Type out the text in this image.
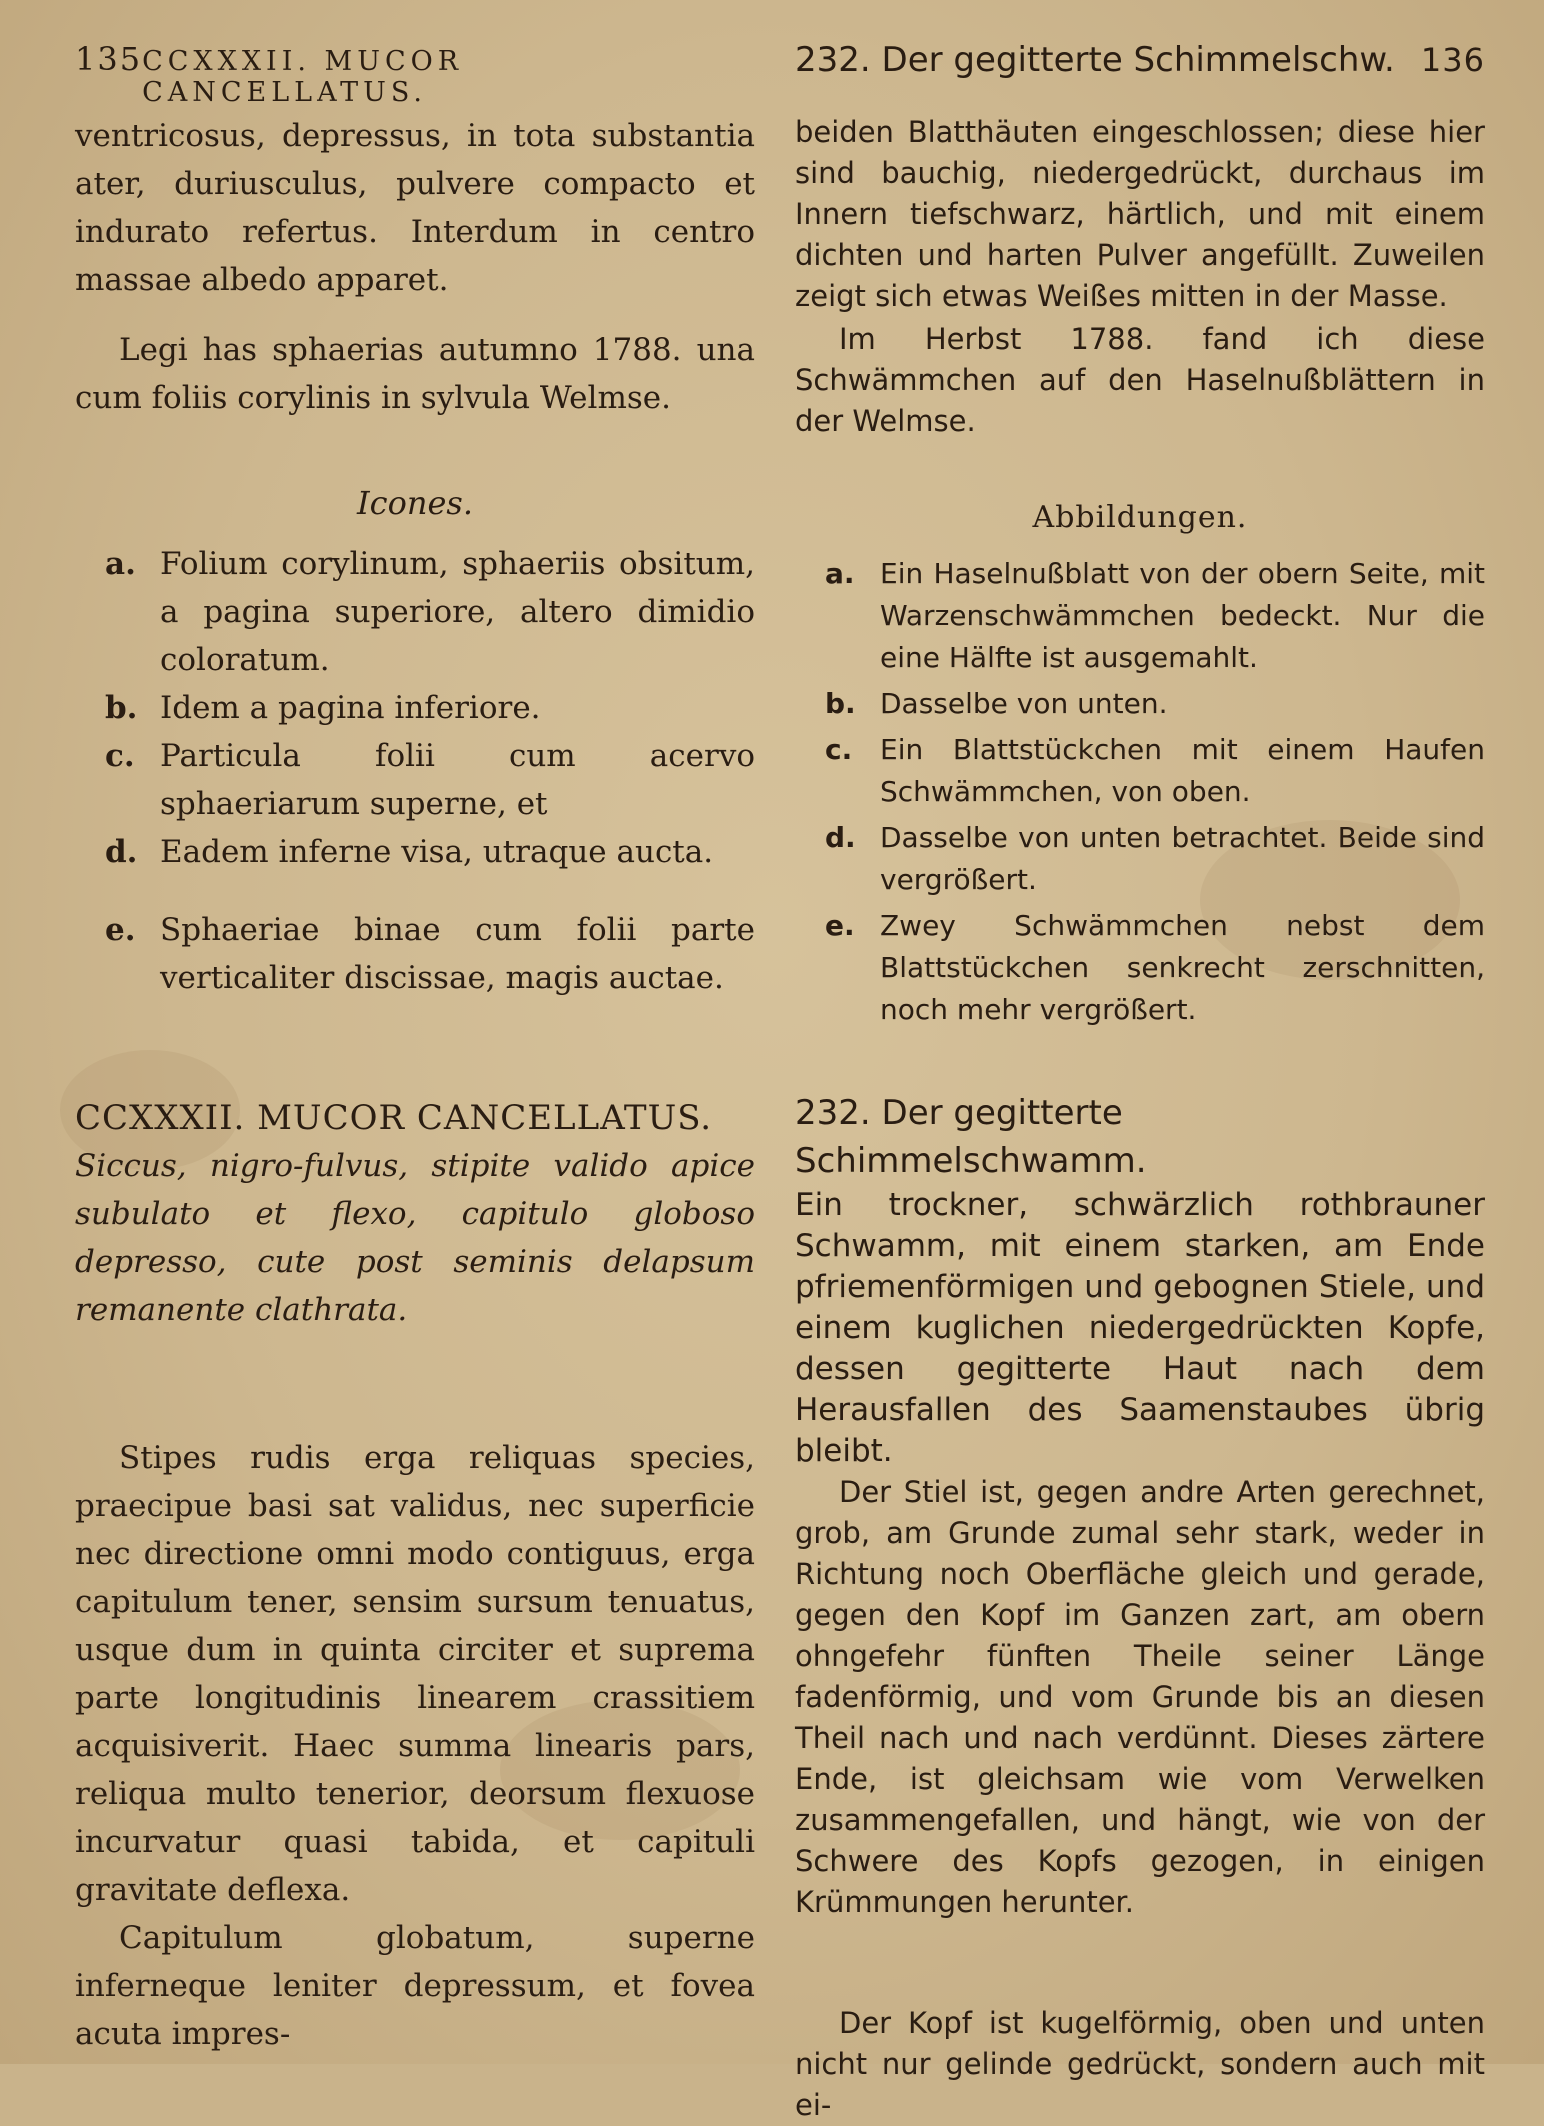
135 CCXXXII. MUCOR CANCELLATUS.

ventricosus, depressus, in tota substantia ater, duriusculus, pulvere compacto et indurato refertus. Interdum in centro massae albedo apparet.

Legi has sphaerias autumno 1788. una cum foliis corylinis in sylvula Welmse.

Icones.
a. Folium corylinum, sphaeriis obsitum, a pagina superiore, altero dimidio coloratum.
b. Idem a pagina inferiore.
c. Particula folii cum acervo sphaeriarum superne, et
d. Eadem inferne visa, utraque aucta.
e. Sphaeriae binae cum folii parte verticaliter discissae, magis auctae.
CCXXXII. MUCOR CANCELLATUS.
Siccus, nigro-fulvus, stipite valido apice subulato et flexo, capitulo globoso depresso, cute post seminis delapsum remanente clathrata.

Stipes rudis erga reliquas species, praecipue basi sat validus, nec superficie nec directione omni modo contiguus, erga capitulum tener, sensim sursum tenuatus, usque dum in quinta circiter et suprema parte longitudinis linearem crassitiem acquisiverit. Haec summa linearis pars, reliqua multo tenerior, deorsum flexuose incurvatur quasi tabida, et capituli gravitate deflexa.

Capitulum globatum, superne inferneque leniter depressum, et fovea acuta impres-

232. Der gegitterte Schimmelschw. 136

beiden Blatthäuten eingeschlossen; diese hier sind bauchig, niedergedrückt, durchaus im Innern tiefschwarz, härtlich, und mit einem dichten und harten Pulver angefüllt. Zuweilen zeigt sich etwas Weißes mitten in der Masse.

Im Herbst 1788. fand ich diese Schwämmchen auf den Haselnußblättern in der Welmse.

Abbildungen.
a. Ein Haselnußblatt von der obern Seite, mit Warzenschwämmchen bedeckt. Nur die eine Hälfte ist ausgemahlt.
b. Dasselbe von unten.
c. Ein Blattstückchen mit einem Haufen Schwämmchen, von oben.
d. Dasselbe von unten betrachtet. Beide sind vergrößert.
e. Zwey Schwämmchen nebst dem Blattstückchen senkrecht zerschnitten, noch mehr vergrößert.
232. Der gegitterte Schimmelschwamm.
Ein trockner, schwärzlich rothbrauner Schwamm, mit einem starken, am Ende pfriemenförmigen und gebognen Stiele, und einem kuglichen niedergedrückten Kopfe, dessen gegitterte Haut nach dem Herausfallen des Saamenstaubes übrig bleibt.

Der Stiel ist, gegen andre Arten gerechnet, grob, am Grunde zumal sehr stark, weder in Richtung noch Oberfläche gleich und gerade, gegen den Kopf im Ganzen zart, am obern ohngefehr fünften Theile seiner Länge fadenförmig, und vom Grunde bis an diesen Theil nach und nach verdünnt. Dieses zärtere Ende, ist gleichsam wie vom Verwelken zusammengefallen, und hängt, wie von der Schwere des Kopfs gezogen, in einigen Krümmungen herunter.

Der Kopf ist kugelförmig, oben und unten nicht nur gelinde gedrückt, sondern auch mit ei-
